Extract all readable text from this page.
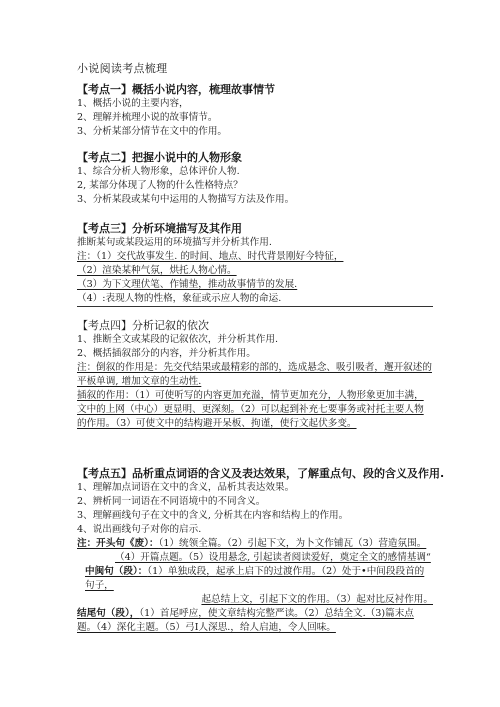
小说阅读考点梳理
【考点一】概括小说内容，梳理故事情节
1、概括小说的主要内容，
2、理解并梳理小说的故事情节。
3、分析某部分情节在文中的作用。
【考点二】把握小说中的人物形象
1、综合分析人物形象，总体评价人物.
2, 某部分体现了人物的什么性格特点？
3、分析某段或某句中运用的人物描写方法及作用。
【考点三】分析环境描写及其作用
推断某句或某段运用的环境描写并分析其作用.
注：（1）交代故事发生. 的时间、地点、时代背景刚好今特征，
（2）渲染某种气氛，烘托人物心情。
（3）为下文理伏笔、作铺垫，推动故事情节的发展.
（4）:表现人物的性格，象征或示应人物的命运.
【考点四】分析记叙的依次
1、推断全文或某段的记叙依次，并分析其作用.
2、概括插叙部分的内容，并分析其作用。
注：倒叙的作用是：先交代结果或最精彩的部的，选成悬念、吸引吸者，邂开叙述的平板单调, 增加文章的生动性.
插叙的作用：（1）可使听写的内容更加充溢，情节更加充分，人物形象更加丰满，文中的上网（中心）更显明、更深刻。（2）可以起到补充七要事务或衬托主要人物的作用。（3）可使文中的结构避开呆板、拘谨，使行文起伏多变。
【考点五】品析重点词语的含义及表达效果，了解重点句、段的含义及作用.
1、理解加点词语在文中的含义，品析其表达效果。
2、辨析同一词语在不同语境中的不同含义。
3、理解画线句子在文中的含义, 分析其在内容和结构上的作用。
4、说出画线句子对你的启示.
注：开头句《废）：（1）统领全篇。（2）引起下文，为卜文作铺瓦（3）营造氛围。
（4）开篇点题。（5）设用悬念, 引起读者阅读爱好，奠定全文的感情基调“
中闽句（段）：（1）单独成段，起承上启下的过渡作用。（2）处于•中间段段首的句子，
起总结上文，引起下文的作用。（3）起对比反衬作用。
结尾句（段），（1）首尾呼应，使文章结构完整严读。（2）总结全文.（3)篇末点题。（4）深化主题。（5）弓I人深思.，给人启迪，令人回味。
